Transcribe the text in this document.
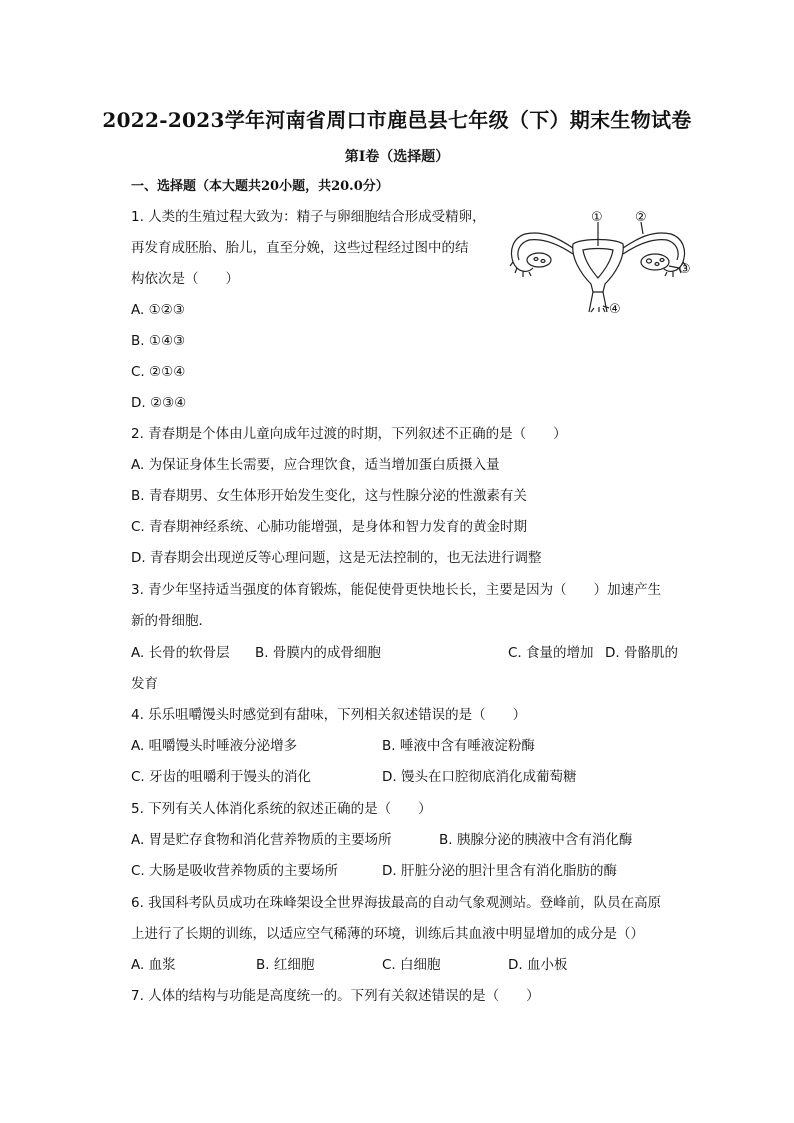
2022-2023学年河南省周口市鹿邑县七年级（下）期末生物试卷
第I卷（选择题）
一、选择题（本大题共20小题，共20.0分）
1. 人类的生殖过程大致为：精子与卵细胞结合形成受精卵，
再发育成胚胎、胎儿，直至分娩，这些过程经过图中的结
构依次是（　　）
A. ①②③
B. ①④③
C. ②①④
D. ②③④
① ②
③
④
2. 青春期是个体由儿童向成年过渡的时期，下列叙述不正确的是（　　）
A. 为保证身体生长需要，应合理饮食，适当增加蛋白质摄入量
B. 青春期男、女生体形开始发生变化，这与性腺分泌的性激素有关
C. 青春期神经系统、心肺功能增强，是身体和智力发育的黄金时期
D. 青春期会出现逆反等心理问题，这是无法控制的，也无法进行调整
3. 青少年坚持适当强度的体育锻炼，能促使骨更快地长长，主要是因为（　　）加速产生
新的骨细胞．
A. 长骨的软骨层 B. 骨膜内的成骨细胞	C. 食量的增加 D. 骨骼肌的
发育
4. 乐乐咀嚼馒头时感觉到有甜味，下列相关叙述错误的是（　　）
A. 咀嚼馒头时唾液分泌增多	B. 唾液中含有唾液淀粉酶
C. 牙齿的咀嚼利于馒头的消化	D. 馒头在口腔彻底消化成葡萄糖
5. 下列有关人体消化系统的叙述正确的是（　　）
A. 胃是贮存食物和消化营养物质的主要场所	B. 胰腺分泌的胰液中含有消化酶
C. 大肠是吸收营养物质的主要场所	D. 肝脏分泌的胆汁里含有消化脂肪的酶
6. 我国科考队员成功在珠峰架设全世界海拔最高的自动气象观测站。登峰前，队员在高原
上进行了长期的训练，以适应空气稀薄的环境，训练后其血液中明显增加的成分是（）
A. 血浆	B. 红细胞	C. 白细胞	D. 血小板
7. 人体的结构与功能是高度统一的。下列有关叙述错误的是（　　）
